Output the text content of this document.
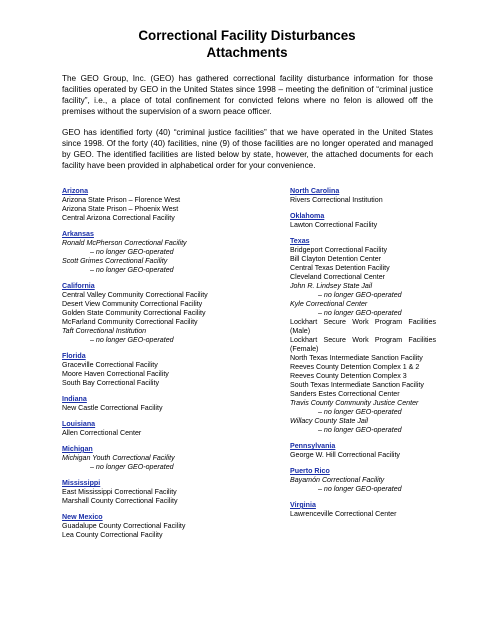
Correctional Facility Disturbances
Attachments

The GEO Group, Inc. (GEO) has gathered correctional facility disturbance information for those facilities operated by GEO in the United States since 1998 – meeting the definition of “criminal justice facility”, i.e., a place of total confinement for convicted felons where no felon is allowed off the premises without the supervision of a sworn peace officer.

GEO has identified forty (40) “criminal justice facilities” that we have operated in the United States since 1998. Of the forty (40) facilities, nine (9) of those facilities are no longer operated and managed by GEO. The identified facilities are listed below by state, however, the attached documents for each facility have been provided in alphabetical order for your convenience.

Arizona
Arizona State Prison – Florence West
Arizona State Prison – Phoenix West
Central Arizona Correctional Facility
Arkansas
Ronald McPherson Correctional Facility
– no longer GEO-operated
Scott Grimes Correctional Facility
– no longer GEO-operated
California
Central Valley Community Correctional Facility
Desert View Community Correctional Facility
Golden State Community Correctional Facility
McFarland Community Correctional Facility
Taft Correctional Institution
– no longer GEO-operated
Florida
Graceville Correctional Facility
Moore Haven Correctional Facility
South Bay Correctional Facility
Indiana
New Castle Correctional Facility
Louisiana
Allen Correctional Center
Michigan
Michigan Youth Correctional Facility
– no longer GEO-operated
Mississippi
East Mississippi Correctional Facility
Marshall County Correctional Facility
New Mexico
Guadalupe County Correctional Facility
Lea County Correctional Facility
North Carolina
Rivers Correctional Institution
Oklahoma
Lawton Correctional Facility
Texas
Bridgeport Correctional Facility
Bill Clayton Detention Center
Central Texas Detention Facility
Cleveland Correctional Center
John R. Lindsey State Jail
– no longer GEO-operated
Kyle Correctional Center
– no longer GEO-operated
Lockhart Secure Work Program Facilities
(Male)
Lockhart Secure Work Program Facilities
(Female)
North Texas Intermediate Sanction Facility
Reeves County Detention Complex 1 & 2
Reeves County Detention Complex 3
South Texas Intermediate Sanction Facility
Sanders Estes Correctional Center
Travis County Community Justice Center
– no longer GEO-operated
Willacy County State Jail
– no longer GEO-operated
Pennsylvania
George W. Hill Correctional Facility
Puerto Rico
Bayamón Correctional Facility
– no longer GEO-operated
Virginia
Lawrenceville Correctional Center
